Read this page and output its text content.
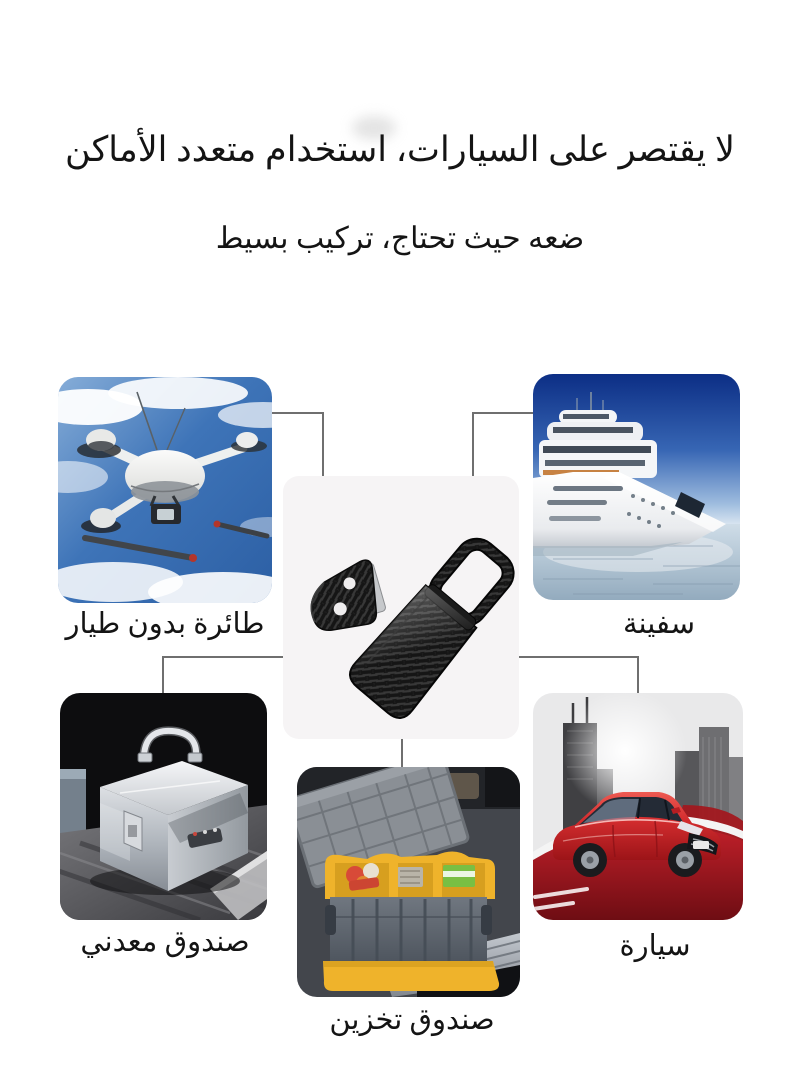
لا يقتصر على السيارات، استخدام متعدد الأماكن
ضعه حيث تحتاج، تركيب بسيط
طائرة بدون طيار	سفينة
صندوق معدني
صندوق تخزين
سيارة
